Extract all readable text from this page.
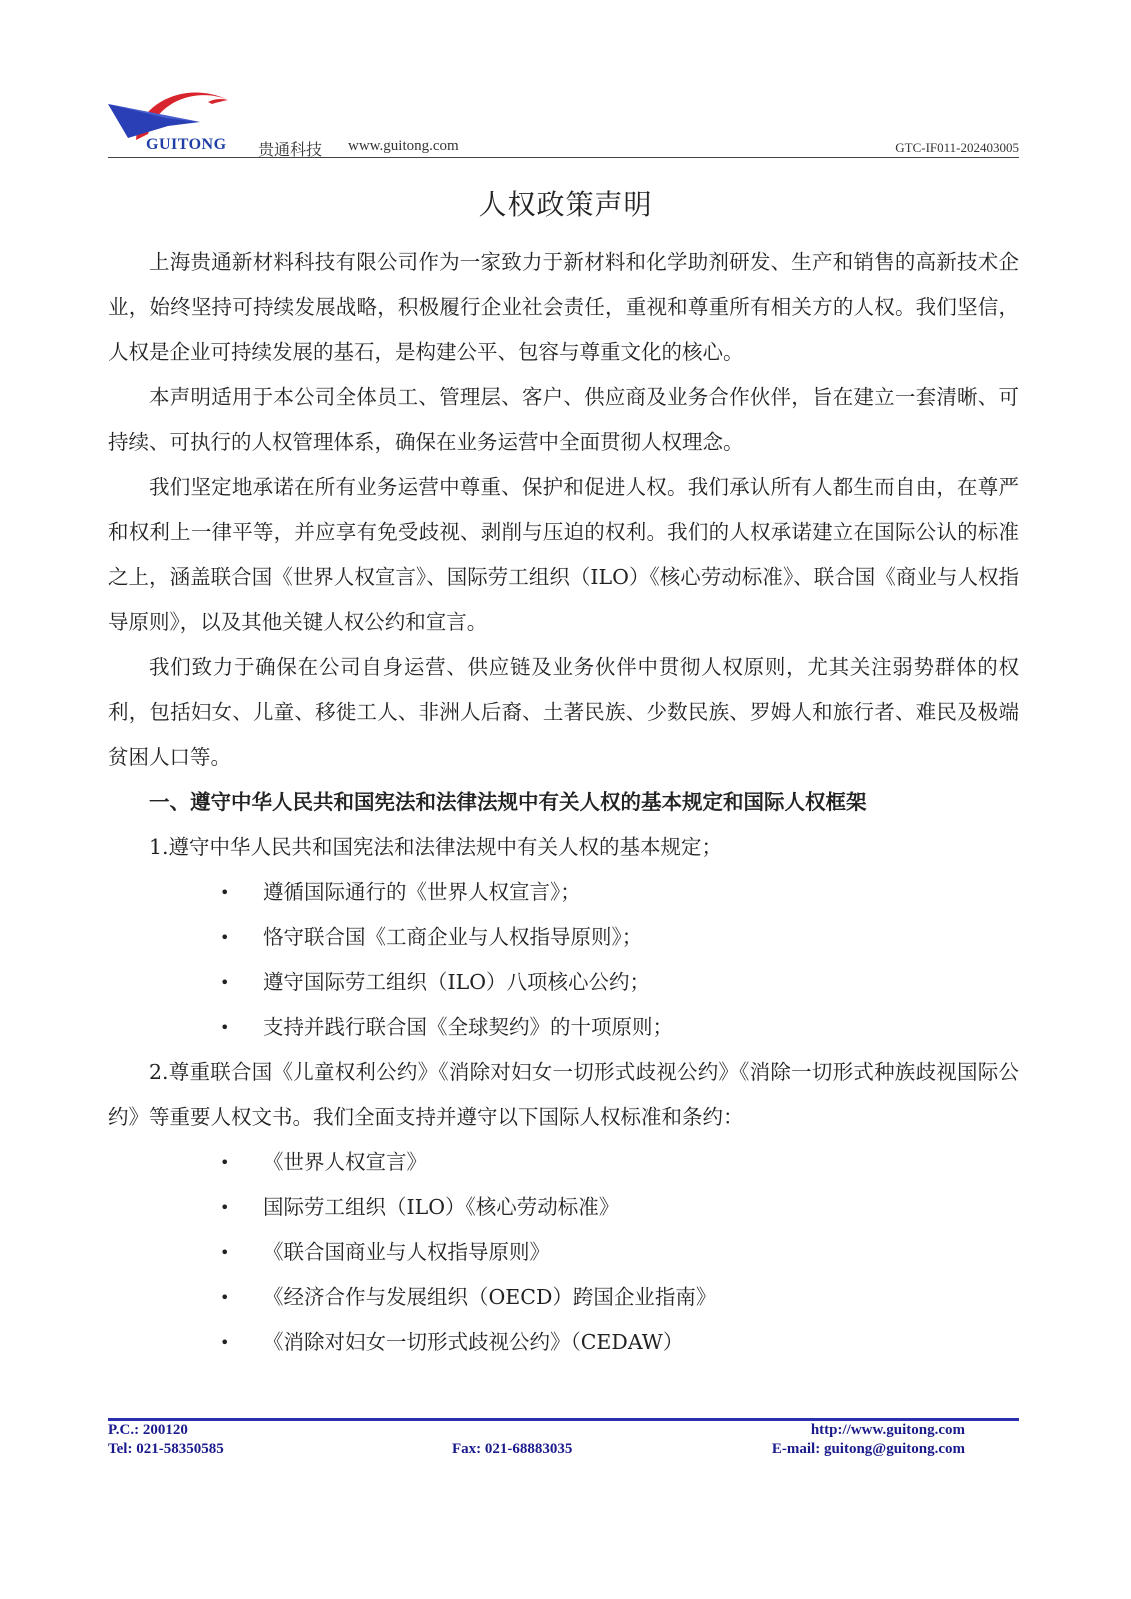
GUITONG 贵通科技 www.guitong.com	GTC-IF011-202403005
人权政策声明

上海贵通新材料科技有限公司作为一家致力于新材料和化学助剂研发、生产和销售的高新技术企业，始终坚持可持续发展战略，积极履行企业社会责任，重视和尊重所有相关方的人权。我们坚信，人权是企业可持续发展的基石，是构建公平、包容与尊重文化的核心。

本声明适用于本公司全体员工、管理层、客户、供应商及业务合作伙伴，旨在建立一套清晰、可持续、可执行的人权管理体系，确保在业务运营中全面贯彻人权理念。

我们坚定地承诺在所有业务运营中尊重、保护和促进人权。我们承认所有人都生而自由，在尊严和权利上一律平等，并应享有免受歧视、剥削与压迫的权利。我们的人权承诺建立在国际公认的标准之上，涵盖联合国《世界人权宣言》、国际劳工组织（ILO）《核心劳动标准》、联合国《商业与人权指导原则》，以及其他关键人权公约和宣言。

我们致力于确保在公司自身运营、供应链及业务伙伴中贯彻人权原则，尤其关注弱势群体的权利，包括妇女、儿童、移徙工人、非洲人后裔、土著民族、少数民族、罗姆人和旅行者、难民及极端贫困人口等。

一、遵守中华人民共和国宪法和法律法规中有关人权的基本规定和国际人权框架

1.遵守中华人民共和国宪法和法律法规中有关人权的基本规定；

• 遵循国际通行的《世界人权宣言》；
• 恪守联合国《工商企业与人权指导原则》；
• 遵守国际劳工组织（ILO）八项核心公约；
• 支持并践行联合国《全球契约》的十项原则；

2.尊重联合国《儿童权利公约》《消除对妇女一切形式歧视公约》《消除一切形式种族歧视国际公约》等重要人权文书。我们全面支持并遵守以下国际人权标准和条约：

• 《世界人权宣言》
• 国际劳工组织（ILO）《核心劳动标准》
• 《联合国商业与人权指导原则》
• 《经济合作与发展组织（OECD）跨国企业指南》
• 《消除对妇女一切形式歧视公约》（CEDAW）
P.C.: 200120
Tel: 021-58350585	Fax: 021-68883035
http://www.guitong.com
E-mail: guitong@guitong.com
